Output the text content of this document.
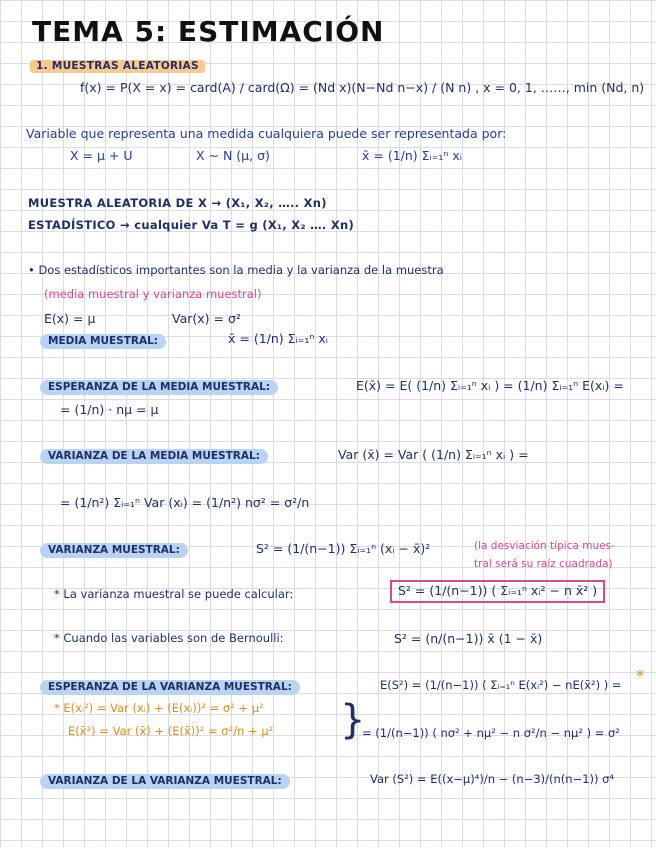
TEMA 5: ESTIMACIÓN
1. MUESTRAS ALEATORIAS
f(x) = P(X = x) = card(A) / card(Ω) = (Nd x)(N−Nd n−x) / (N n) , x = 0, 1, ……, min (Nd, n)
Variable que representa una medida cualquiera puede ser representada por:
X = μ + U	X ∼ N (μ, σ)	x̄ = (1/n) Σᵢ₌₁ⁿ xᵢ
MUESTRA ALEATORIA DE X → (X₁, X₂, ….. Xn)
ESTADÍSTICO → cualquier Va T = g (X₁, X₂ …. Xn)
• Dos estadísticos importantes son la media y la varianza de la muestra
(media muestral y varianza muestral)
E(x) = μ	Var(x) = σ²
MEDIA MUESTRAL:	x̄ = (1/n) Σᵢ₌₁ⁿ xᵢ
ESPERANZA DE LA MEDIA MUESTRAL:	E(x̄) = E( (1/n) Σᵢ₌₁ⁿ xᵢ ) = (1/n) Σᵢ₌₁ⁿ E(xᵢ) =
= (1/n) · nμ = μ
VARIANZA DE LA MEDIA MUESTRAL:	Var (x̄) = Var ( (1/n) Σᵢ₌₁ⁿ xᵢ ) =
= (1/n²) Σᵢ₌₁ⁿ Var (xᵢ) = (1/n²) nσ² = σ²/n
VARIANZA MUESTRAL:	S² = (1/(n−1)) Σᵢ₌₁ⁿ (xᵢ − x̄)²	(la desviación típica mues-
tral será su raíz cuadrada)
* La varianza muestral se puede calcular:	S² = (1/(n−1)) ( Σᵢ₌₁ⁿ xᵢ² − n x̄² )
* Cuando las variables son de Bernoulli:	S² = (n/(n−1)) x̄ (1 − x̄)
ESPERANZA DE LA VARIANZA MUESTRAL:	E(S²) = (1/(n−1)) ( Σᵢ₌₁ⁿ E(xᵢ²) − nE(x̄²) ) = *
* E(xᵢ²) = Var (xᵢ) + (E(xᵢ))² = σ² + μ²
E(x̄²) = Var (x̄) + (E(x̄))² = σ²/n + μ² }
= (1/(n−1)) ( nσ² + nμ² − n σ²/n − nμ² ) = σ²
VARIANZA DE LA VARIANZA MUESTRAL:	Var (S²) = E((x−μ)⁴)/n − (n−3)/(n(n−1)) σ⁴
